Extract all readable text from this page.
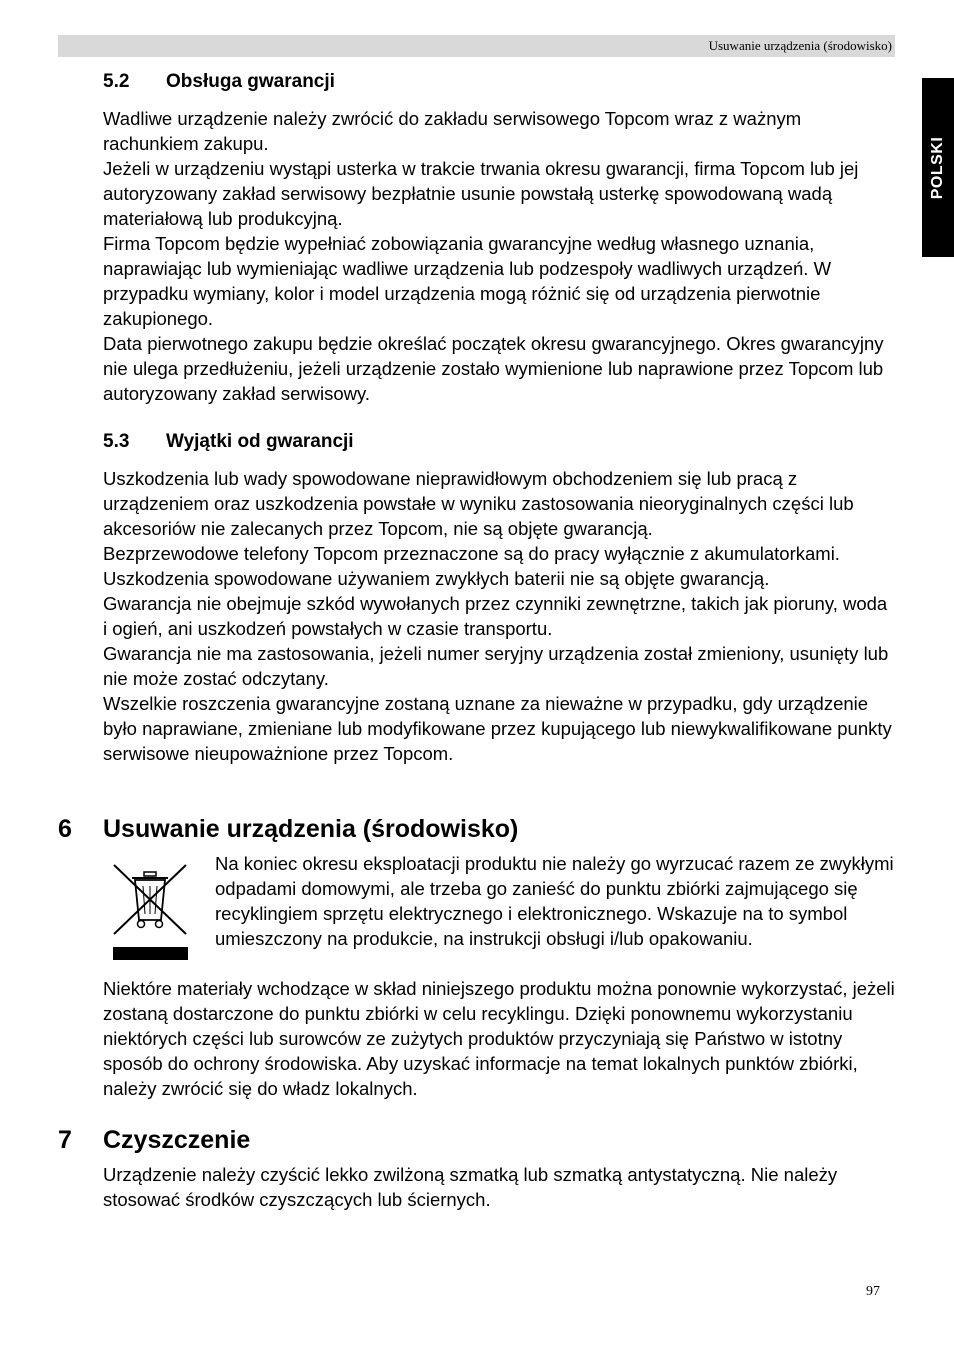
Usuwanie urządzenia (środowisko)
POLSKI
5.2 Obsługa gwarancji

Wadliwe urządzenie należy zwrócić do zakładu serwisowego Topcom wraz z ważnym rachunkiem zakupu.

Jeżeli w urządzeniu wystąpi usterka w trakcie trwania okresu gwarancji, firma Topcom lub jej autoryzowany zakład serwisowy bezpłatnie usunie powstałą usterkę spowodowaną wadą materiałową lub produkcyjną.

Firma Topcom będzie wypełniać zobowiązania gwarancyjne według własnego uznania, naprawiając lub wymieniając wadliwe urządzenia lub podzespoły wadliwych urządzeń. W przypadku wymiany, kolor i model urządzenia mogą różnić się od urządzenia pierwotnie zakupionego.

Data pierwotnego zakupu będzie określać początek okresu gwarancyjnego. Okres gwarancyjny nie ulega przedłużeniu, jeżeli urządzenie zostało wymienione lub naprawione przez Topcom lub autoryzowany zakład serwisowy.

5.3 Wyjątki od gwarancji

Uszkodzenia lub wady spowodowane nieprawidłowym obchodzeniem się lub pracą z urządzeniem oraz uszkodzenia powstałe w wyniku zastosowania nieoryginalnych części lub akcesoriów nie zalecanych przez Topcom, nie są objęte gwarancją.

Bezprzewodowe telefony Topcom przeznaczone są do pracy wyłącznie z akumulatorkami. Uszkodzenia spowodowane używaniem zwykłych baterii nie są objęte gwarancją.

Gwarancja nie obejmuje szkód wywołanych przez czynniki zewnętrzne, takich jak pioruny, woda i ogień, ani uszkodzeń powstałych w czasie transportu.

Gwarancja nie ma zastosowania, jeżeli numer seryjny urządzenia został zmieniony, usunięty lub nie może zostać odczytany.

Wszelkie roszczenia gwarancyjne zostaną uznane za nieważne w przypadku, gdy urządzenie było naprawiane, zmieniane lub modyfikowane przez kupującego lub niewykwalifikowane punkty serwisowe nieupoważnione przez Topcom.

6 Usuwanie urządzenia (środowisko)

Na koniec okresu eksploatacji produktu nie należy go wyrzucać razem ze zwykłymi odpadami domowymi, ale trzeba go zanieść do punktu zbiórki zajmującego się recyklingiem sprzętu elektrycznego i elektronicznego. Wskazuje na to symbol umieszczony na produkcie, na instrukcji obsługi i/lub opakowaniu.

Niektóre materiały wchodzące w skład niniejszego produktu można ponownie wykorzystać, jeżeli zostaną dostarczone do punktu zbiórki w celu recyklingu. Dzięki ponownemu wykorzystaniu niektórych części lub surowców ze zużytych produktów przyczyniają się Państwo w istotny sposób do ochrony środowiska. Aby uzyskać informacje na temat lokalnych punktów zbiórki, należy zwrócić się do władz lokalnych.

7 Czyszczenie

Urządzenie należy czyścić lekko zwilżoną szmatką lub szmatką antystatyczną. Nie należy stosować środków czyszczących lub ściernych.

97
